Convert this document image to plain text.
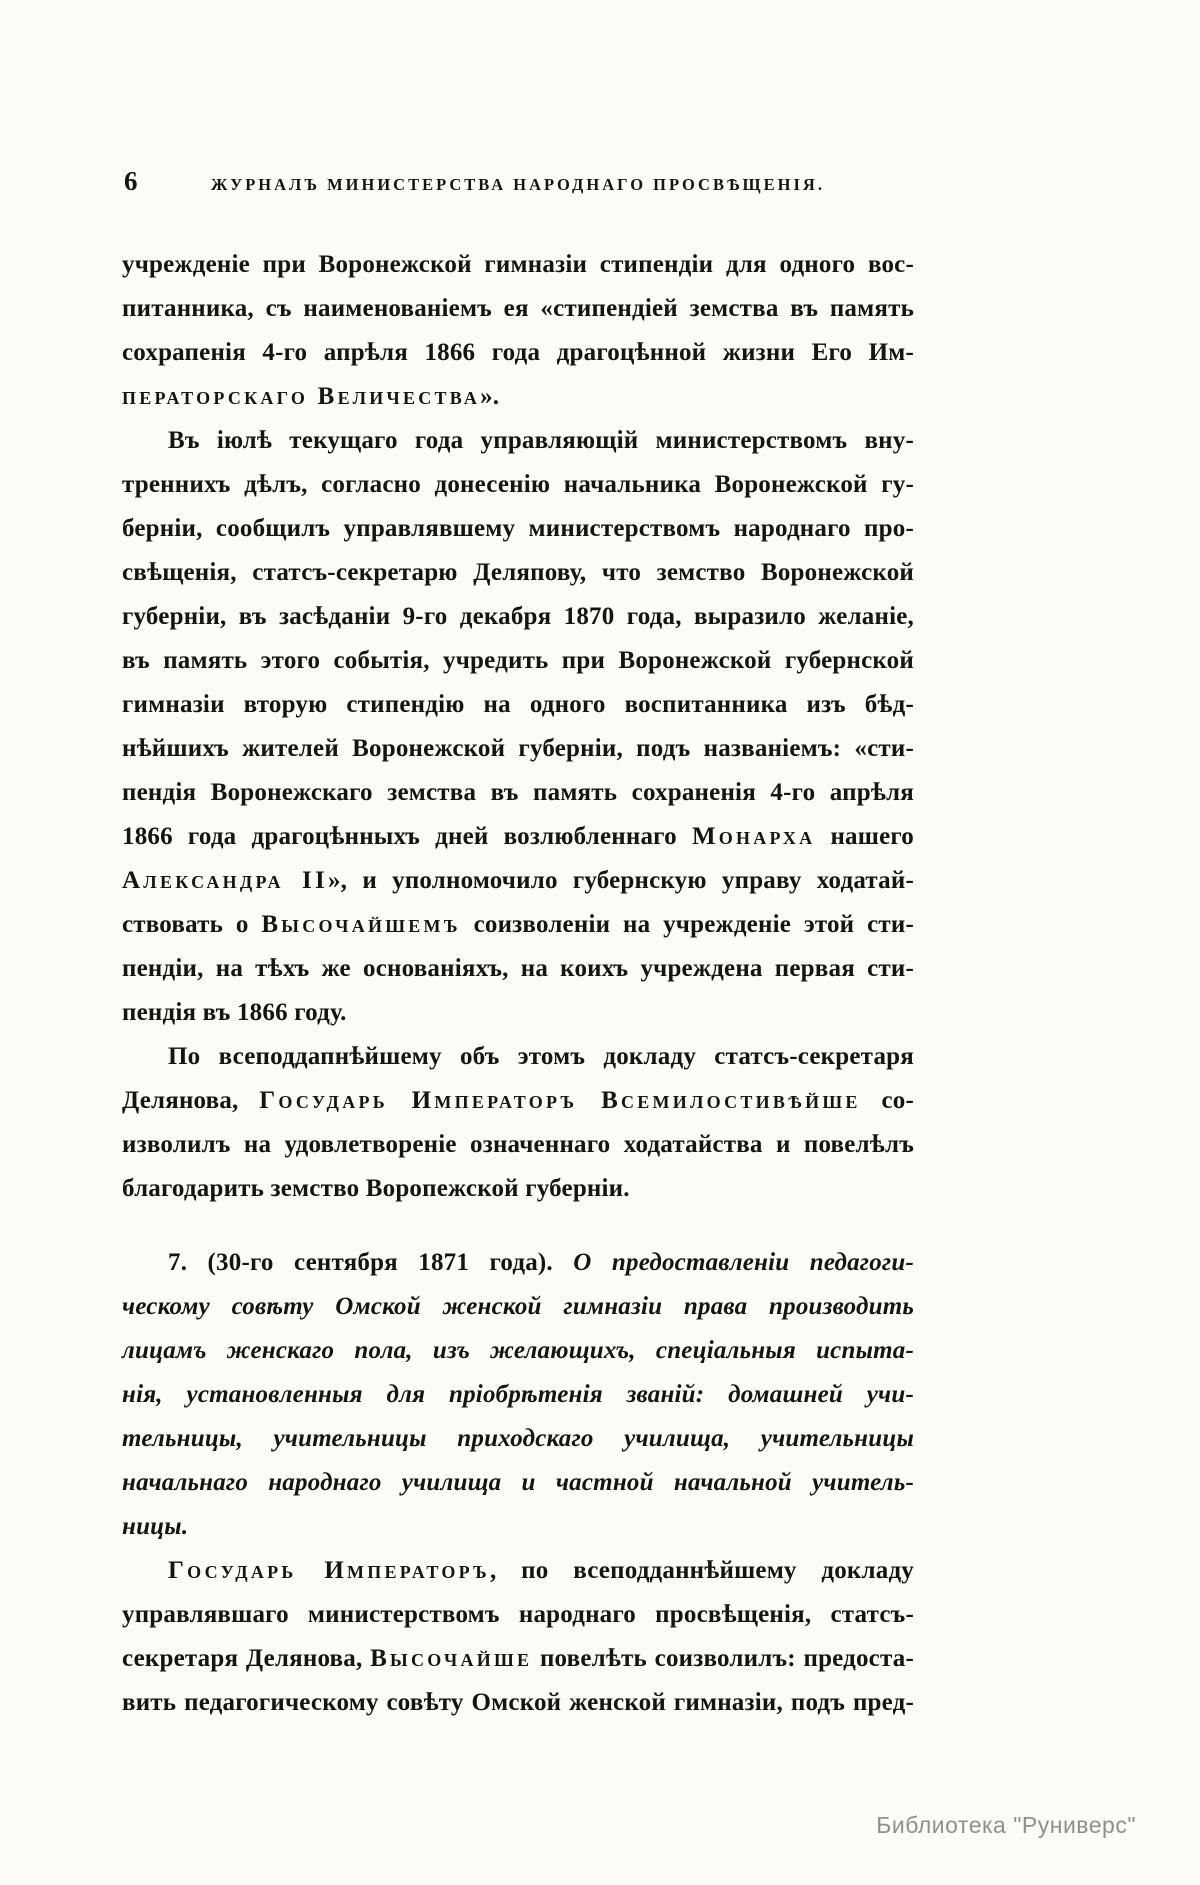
6	ЖУРНАЛЪ МИНИСТЕРСТВА НАРОДНАГО ПРОСВѢЩЕНІЯ.
учрежденіе при Воронежской гимназіи стипендіи для одного вос-
питанника, съ наименованіемъ ея «стипендіей земства въ память
сохрапенія 4-го апрѣля 1866 года драгоцѣнной жизни Его Им-
ператорскаго Величества».
Въ іюлѣ текущаго года управляющій министерствомъ вну-
треннихъ дѣлъ, согласно донесенію начальника Воронежской гу-
берніи, сообщилъ управлявшему министерствомъ народнаго про-
свѣщенія, статсъ-секретарю Деляпову, что земство Воронежской
губерніи, въ засѣданіи 9-го декабря 1870 года, выразило желаніе,
въ память этого событія, учредить при Воронежской губернской
гимназіи вторую стипендію на одного воспитанника изъ бѣд-
нѣйшихъ жителей Воронежской губерніи, подъ названіемъ: «сти-
пендія Воронежскаго земства въ память сохраненія 4-го апрѣля
1866 года драгоцѣнныхъ дней возлюбленнаго Монарха нашего
Александра II», и уполномочило губернскую управу ходатай-
ствовать о Высочайшемъ соизволеніи на учрежденіе этой сти-
пендіи, на тѣхъ же основаніяхъ, на коихъ учреждена первая сти-
пендія въ 1866 году.
По всеподдапнѣйшему объ этомъ докладу статсъ-секретаря
Делянова, Государь Императоръ Всемилостивѣйше со-
изволилъ на удовлетвореніе означеннаго ходатайства и повелѣлъ
благодарить земство Воропежской губерніи.
7. (30-го сентября 1871 года). О предоставленіи педагоги-
ческому совѣту Омской женской гимназіи права производить
лицамъ женскаго пола, изъ желающихъ, спеціальныя испыта-
нія, установленныя для пріобрѣтенія званій: домашней учи-
тельницы, учительницы приходскаго училища, учительницы
начальнаго народнаго училища и частной начальной учитель-
ницы.
Государь Императоръ, по всеподданнѣйшему докладу
управлявшаго министерствомъ народнаго просвѣщенія, статсъ-
секретаря Делянова, Высочайше повелѣть соизволилъ: предоста-
вить педагогическому совѣту Омской женской гимназіи, подъ пред-
Библиотека "Руниверс"
